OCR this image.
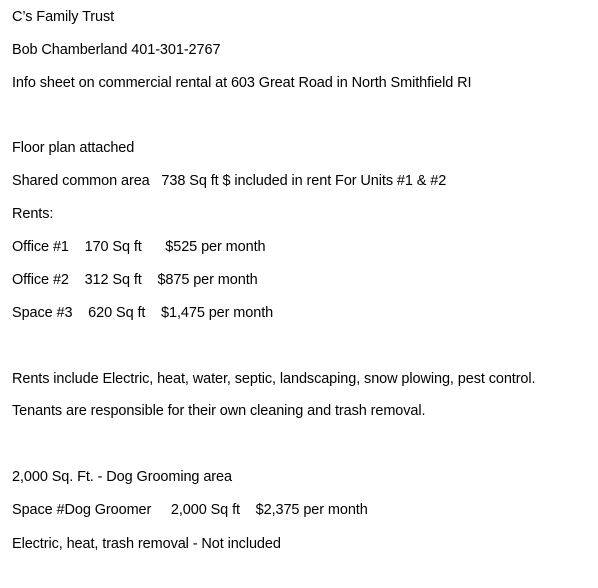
C’s Family Trust
Bob Chamberland 401-301-2767
Info sheet on commercial rental at 603 Great Road in North Smithfield RI
Floor plan attached
Shared common area   738 Sq ft $ included in rent For Units #1 & #2
Rents:
Office #1    170 Sq ft      $525 per month
Office #2    312 Sq ft    $875 per month
Space #3    620 Sq ft    $1,475 per month
Rents include Electric, heat, water, septic, landscaping, snow plowing, pest control.
Tenants are responsible for their own cleaning and trash removal.
2,000 Sq. Ft. - Dog Grooming area
Space #Dog Groomer     2,000 Sq ft    $2,375 per month
Electric, heat, trash removal - Not included
